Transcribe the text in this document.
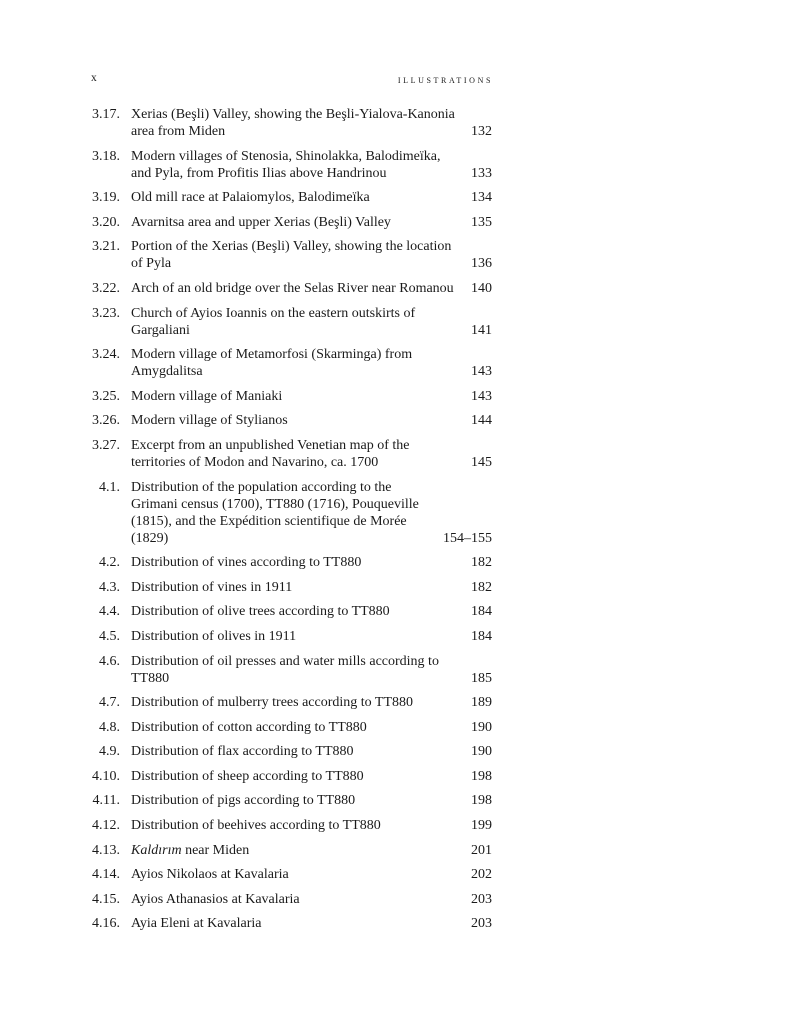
x	illustrations
3.17. Xerias (Beşli) Valley, showing the Beşli-Yialova-Kanonia area from Miden	132
3.18. Modern villages of Stenosia, Shinolakka, Balodimeïka, and Pyla, from Profitis Ilias above Handrinou	133
3.19. Old mill race at Palaiomylos, Balodimeïka	134
3.20. Avarnitsa area and upper Xerias (Beşli) Valley	135
3.21. Portion of the Xerias (Beşli) Valley, showing the location of Pyla	136
3.22. Arch of an old bridge over the Selas River near Romanou	140
3.23. Church of Ayios Ioannis on the eastern outskirts of Gargaliani	141
3.24. Modern village of Metamorfosi (Skarminga) from Amygdalitsa	143
3.25. Modern village of Maniaki	143
3.26. Modern village of Stylianos	144
3.27. Excerpt from an unpublished Venetian map of the territories of Modon and Navarino, ca. 1700	145
4.1. Distribution of the population according to the Grimani census (1700), TT880 (1716), Pouqueville (1815), and the Expédition scientifique de Morée (1829)	154–155
4.2. Distribution of vines according to TT880	182
4.3. Distribution of vines in 1911	182
4.4. Distribution of olive trees according to TT880	184
4.5. Distribution of olives in 1911	184
4.6. Distribution of oil presses and water mills according to TT880	185
4.7. Distribution of mulberry trees according to TT880	189
4.8. Distribution of cotton according to TT880	190
4.9. Distribution of flax according to TT880	190
4.10. Distribution of sheep according to TT880	198
4.11. Distribution of pigs according to TT880	198
4.12. Distribution of beehives according to TT880	199
4.13. Kaldırım near Miden	201
4.14. Ayios Nikolaos at Kavalaria	202
4.15. Ayios Athanasios at Kavalaria	203
4.16. Ayia Eleni at Kavalaria	203
